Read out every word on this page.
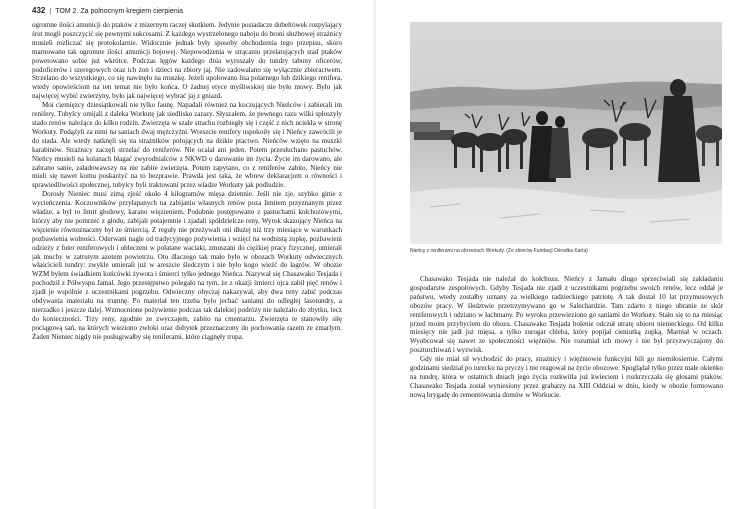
432 | TOM 2. Za polnocnym kregiem cierpienia

ogromne ilości amunicji do ptaków z mizernym raczej skutkiem. Jedynie posiadacze dubeltówek rozpylający śrut mogli poszczycić się pewnymi sukcesami. Z każdego wystrzelonego naboju do broni służbowej strażnicy musieli rozliczać się protokolarnie. Widocznie jednak były sposoby obchodzenia tego przepisu, skoro marnowano tak ogromne ilości amunicji bojowej. Niepowodzenia w strącaniu przelatujących stad ptaków powetowano sobie już wkrótce. Podczas lęgów każdego dnia wyruszały do tundry tabuny oficerów, podoficerów i szeregowych oraz ich żon i dzieci na zbiory jaj. Nie zadowalano się wyłącznie zbieractwem. Strzelano do wszystkiego, co się nawinęło na muszkę. Jeżeli upolowano lisa polarnego lub dzikiego renifera, wtedy opowieściom na ten temat nie było końca. O żadnej etyce myśliwskiej nie było mowy. Było jak najwięcej wybić zwierzyny, było jak najwięcej wybrać jaj z gniazd.

Moi ciemięzcy dziesiątkowali nie tylko faunę. Napadali również na koczujących Nieńców i zabierali im renifery. Tubylcy omijali z daleka Workutę jak siedlisko zarazy. Słyszałem, że pewnego razu wilki spłoszyły stado renów należące do kilku rodzin. Zwierzęta w szale strachu rozbiegły się i część z nich uciekła w stronę Workuty. Podążyli za nimi na saniach dwaj mężczyźni. Wreszcie renifery uspokoiły się i Nieńcy zawrócili je do stada. Ale wtedy natknęli się na strażników polujących na dzikie ptactwo. Nieńców wzięto na muszki karabinów. Strażnicy zaczęli strzelać do reniferów. Nie ocalał ani jeden. Potem przesłuchano pastuchów. Nieńcy musieli na kolanach błagać zwyrodnialców z NKWD o darowanie im życia. Życie im darowano, ale zabrano sanie, załadowawszy na nie zabite zwierzęta. Potem zapytano, co z reniferów zabito. Nieńcy nie mieli się nawet komu poskarżyć na to bezprawie. Prawda jest taka, że wbrew deklaracjom o równości i sprawiedliwości społecznej, tubylcy byli traktowani przez władze Workuty jak podludzie.

Dorosły Nieniec musi zimą zjeść około 4 kilogramów mięsa dziennie. Jeśli nie zje, szybko ginie z wycieńczenia. Koczowników przyłapanych na zabijaniu własnych renów poza limitem przyznanym przez władze, a był to limit głodowy, karano więzieniem. Podobnie postępowano z pastuchami kołchozowymi, którzy aby nie pomrzeć z głodu, zabijali potajemnie i zjadali spółdzielcze reny. Wyrok skazujący Nieńca na więzienie równoznaczny był ze śmiercią. Z reguły nie przeżywali oni dłużej niż trzy miesiące w warunkach pozbawienia wolności. Oderwani nagle od tradycyjnego pożywienia i wzięci na wodnistą zupkę, pozbawieni odzieży z futer reniferowych i obleczeni w połatane waciaki, zmuszani do ciężkiej pracy fizycznej, umierali jak muchy w zatrutym azotem powietrzu. Oto dlaczego tak mało było w obozach Workuty odwiecznych właścicieli tundry: zwykle umierali już w areszcie śledczym i nie było kogo wieźć do łagrów. W obozie WZM byłem świadkiem końcówki żywota i śmierci tylko jednego Nieńca. Nazywał się Chasawako Tesjada i pochodził z Półwyspu Jamał. Jego przestępstwo polegało na tym, że z okazji śmierci ojca zabił pięć renów i zjadł je wspólnie z uczestnikami pogrzebu. Odwieczny obyczaj nakazywał, aby dwa reny zabić podczas obdywania materiału na trumnę. Po materiał ten trzeba było jechać saniami do odległej lasotundry, a nierzadko i jeszcze dalej. Wzmocnione pożywienie podczas tak dalekiej podróży nie należało do zbytku, lecz do konieczności. Trzy reny, zgodnie ze zwyczajem, zabito na cmentarzu. Zwierzęta te stanowiły siłę pociągową sań, na których wieziono zwłoki oraz dobytek przeznaczony do pochowania razem ze zmarłym. Żaden Nieniec nigdy nie posługiwałby się reniferami, które ciągnęły trupa.

Nieńcy z reniferami na obrzeżach Workuty. (Ze zbiorów Fundacji Ośrodka Karta)

Chasawako Tesjada nie należał do kołchozu. Nieńcy z Jamału długo sprzeciwiali się zakładaniu gospodarstw zespołowych. Gdyby Tesjada nie zjadł z uczestnikami pogrzebu swoich renów, lecz oddał je państwu, wtedy zostałby uznany za wielkiego radzieckiego patriotę. A tak dostał 10 lat przymusowych obozów pracy. W śledztwie przetrzymywano go w Salechardzie. Tam zdarto z niego ubranie ze skór reniferowych i odziano w łachmany. Po wyroku przewieziono go saniami do Workuty. Stało się to na miesiąc przed moim przybyciem do obozu. Chasawako Tesjada bolenie odczuł utratę ubioru nienieckiego. Od kilku miesięcy nie jadł już mięsa, a tylko surogat chleba, który popijał cieniutką zupką. Marniał w oczach. Wyobcował się nawet ze społeczności więźniów. Nie rozumiał ich mowy i nie był przyzwyczajony do poszturchiwań i wyzwisk.

Gdy nie miał sił wychodzić do pracy, strażnicy i więźniowie funkcyjni bili go niemiłosiernie. Całymi godzinami siedział po turecku na pryczy i nie reagował na życie obozowe. Spoglądał tylko przez małe okienko na tundrę, która w ostatnich dniach jego życia rozkwitła już kwieciem i rozkrzyczała się głosami ptaków. Chasawako Tesjada został wyniesiony przez grabarzy na XIII Oddział w dniu, kiedy w obozie formowano nową brygadę do remontowania domów w Workucie.
